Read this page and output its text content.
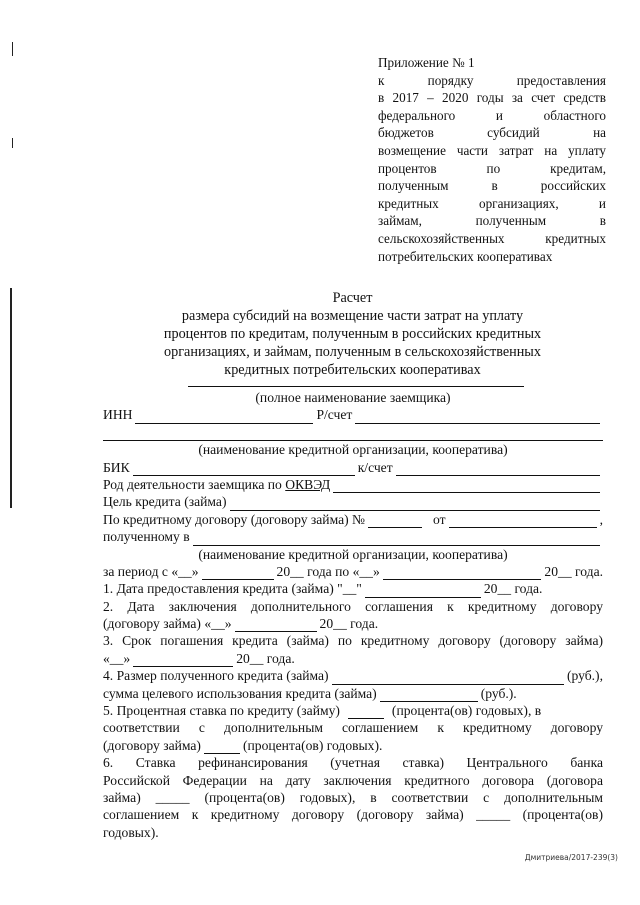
Приложение № 1
к порядку предоставления
в 2017 – 2020 годы за счет средств
федерального и областного
бюджетов субсидий на
возмещение части затрат на уплату
процентов по кредитам,
полученным в российских
кредитных организациях, и
займам, полученным в
сельскохозяйственных кредитных
потребительских кооперативах
Расчет
размера субсидий на возмещение части затрат на уплату
процентов по кредитам, полученным в российских кредитных
организациях, и займам, полученным в сельскохозяйственных
кредитных потребительских кооперативах
(полное наименование заемщика)
ИНН	Р/счет
(наименование кредитной организации, кооператива)
БИК	к/счет
Род деятельности заемщика по
ОКВЭД
Цель кредита (займа)
По кредитному договору (договору займа) №	от	,
полученному в
(наименование кредитной организации, кооператива)
за период с «__»	20__ года по «__»	20__ года.
1. Дата предоставления кредита (займа) "__"	20__ года.
2. Дата заключения дополнительного соглашения к кредитному договору
(договору займа) «__»	20__ года.
3. Срок погашения кредита (займа) по кредитному договору (договору займа)
«__»	20__ года.
4. Размер полученного кредита (займа)	(руб.),
сумма целевого использования кредита (займа)	(руб.).
5. Процентная ставка по кредиту (займу)	(процента(ов) годовых), в
соответствии с дополнительным соглашением к кредитному договору
(договору займа)	(процента(ов) годовых).
6. Ставка рефинансирования (учетная ставка) Центрального банка
Российской Федерации на дату заключения кредитного договора (договора
займа) _____ (процента(ов) годовых), в соответствии с дополнительным
соглашением к кредитному договору (договору займа) _____ (процента(ов)
годовых).
Дмитриева/2017-239(3)
